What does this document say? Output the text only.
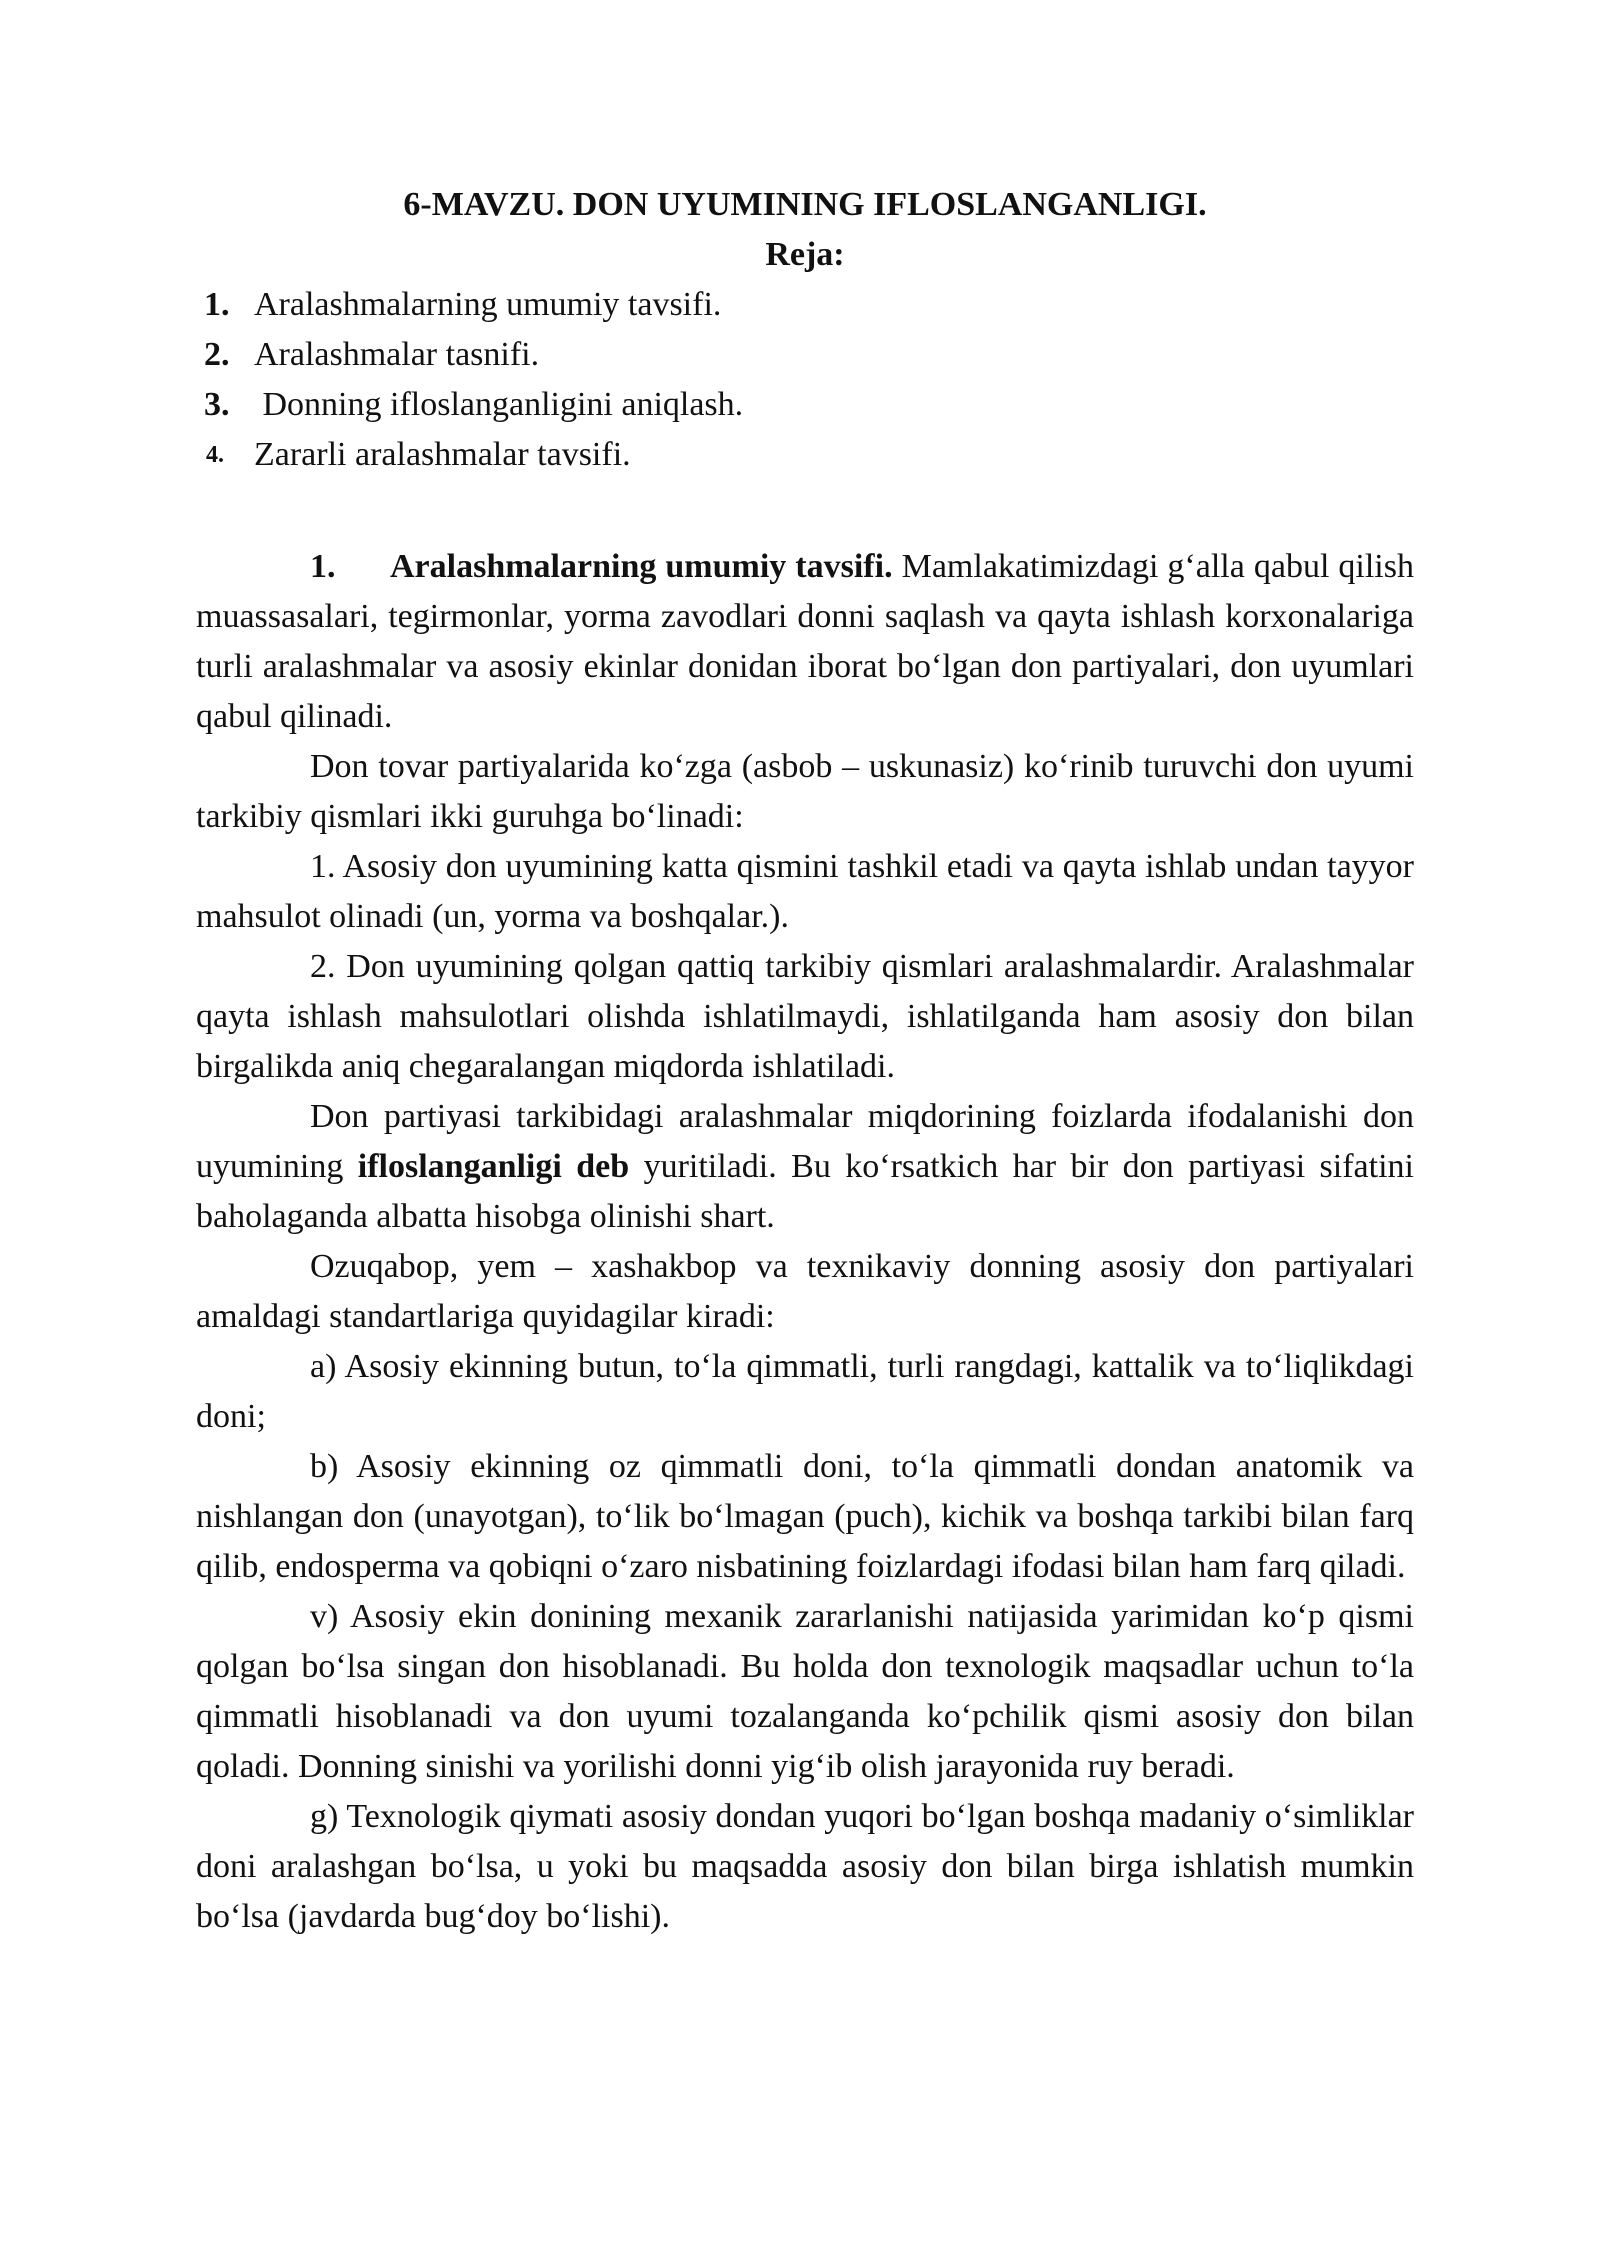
6-MAVZU. DON UYUMINING IFLOSLANGANLIGI.

Reja:

1. Aralashmalarning umumiy tavsifi.
2. Aralashmalar tasnifi.
3. Donning ifloslanganligini aniqlash.
4. Zararli aralashmalar tavsifi.

1. Aralashmalarning umumiy tavsifi. Mamlakatimizdagi g‘alla qabul qilish muassasalari, tegirmonlar, yorma zavodlari donni saqlash va qayta ishlash korxonalariga turli aralashmalar va asosiy ekinlar donidan iborat bo‘lgan don partiyalari, don uyumlari qabul qilinadi.

Don tovar partiyalarida ko‘zga (asbob – uskunasiz) ko‘rinib turuvchi don uyumi tarkibiy qismlari ikki guruhga bo‘linadi:

1. Asosiy don uyumining katta qismini tashkil etadi va qayta ishlab undan tayyor mahsulot olinadi (un, yorma va boshqalar.).

2. Don uyumining qolgan qattiq tarkibiy qismlari aralashmalardir. Aralashmalar qayta ishlash mahsulotlari olishda ishlatilmaydi, ishlatilganda ham asosiy don bilan birgalikda aniq chegaralangan miqdorda ishlatiladi.

Don partiyasi tarkibidagi aralashmalar miqdorining foizlarda ifodalanishi don uyumining ifloslanganligi deb yuritiladi. Bu ko‘rsatkich har bir don partiyasi sifatini baholaganda albatta hisobga olinishi shart.

Ozuqabop, yem – xashakbop va texnikaviy donning asosiy don partiyalari amaldagi standartlariga quyidagilar kiradi:

a) Asosiy ekinning butun, to‘la qimmatli, turli rangdagi, kattalik va to‘liqlikdagi doni;

b) Asosiy ekinning oz qimmatli doni, to‘la qimmatli dondan anatomik va nishlangan don (unayotgan), to‘lik bo‘lmagan (puch), kichik va boshqa tarkibi bilan farq qilib, endosperma va qobiqni o‘zaro nisbatining foizlardagi ifodasi bilan ham farq qiladi.

v) Asosiy ekin donining mexanik zararlanishi natijasida yarimidan ko‘p qismi qolgan bo‘lsa singan don hisoblanadi. Bu holda don texnologik maqsadlar uchun to‘la qimmatli hisoblanadi va don uyumi tozalanganda ko‘pchilik qismi asosiy don bilan qoladi. Donning sinishi va yorilishi donni yig‘ib olish jarayonida ruy beradi.

g) Texnologik qiymati asosiy dondan yuqori bo‘lgan boshqa madaniy o‘simliklar doni aralashgan bo‘lsa, u yoki bu maqsadda asosiy don bilan birga ishlatish mumkin bo‘lsa (javdarda bug‘doy bo‘lishi).
